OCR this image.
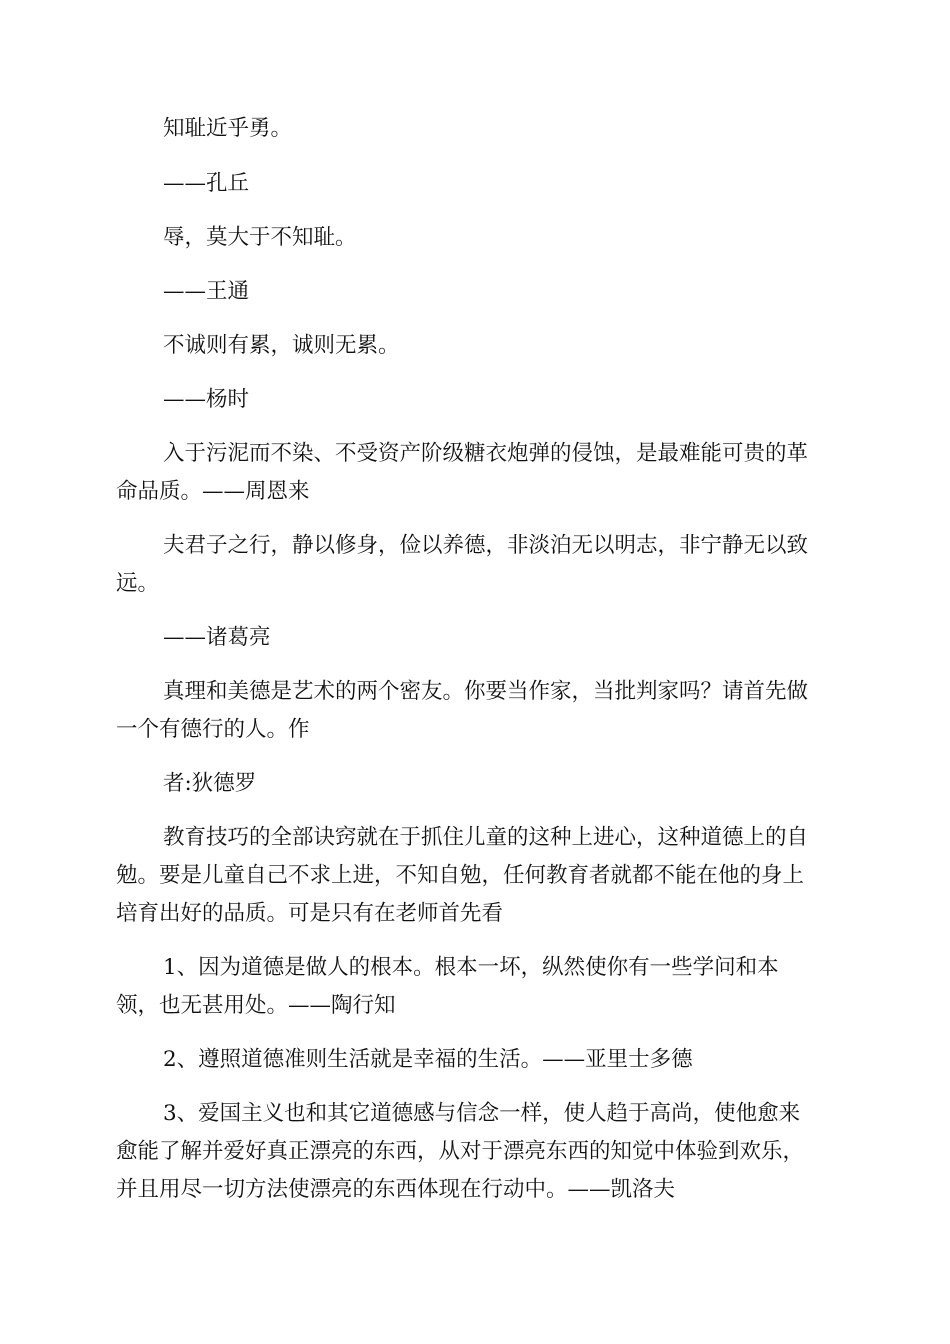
知耻近乎勇。
——孔丘
辱，莫大于不知耻。
——王通
不诚则有累，诚则无累。
——杨时
入于污泥而不染、不受资产阶级糖衣炮弹的侵蚀，是最难能可贵的革
命品质。——周恩来
夫君子之行，静以修身，俭以养德，非淡泊无以明志，非宁静无以致
远。
——诸葛亮
真理和美德是艺术的两个密友。你要当作家，当批判家吗？请首先做
一个有德行的人。作
者:狄德罗
教育技巧的全部诀窍就在于抓住儿童的这种上进心，这种道德上的自
勉。要是儿童自己不求上进，不知自勉，任何教育者就都不能在他的身上
培育出好的品质。可是只有在老师首先看
1、因为道德是做人的根本。根本一坏，纵然使你有一些学问和本
领，也无甚用处。——陶行知
2、遵照道德准则生活就是幸福的生活。——亚里士多德
3、爱国主义也和其它道德感与信念一样，使人趋于高尚，使他愈来
愈能了解并爱好真正漂亮的东西，从对于漂亮东西的知觉中体验到欢乐，
并且用尽一切方法使漂亮的东西体现在行动中。——凯洛夫
